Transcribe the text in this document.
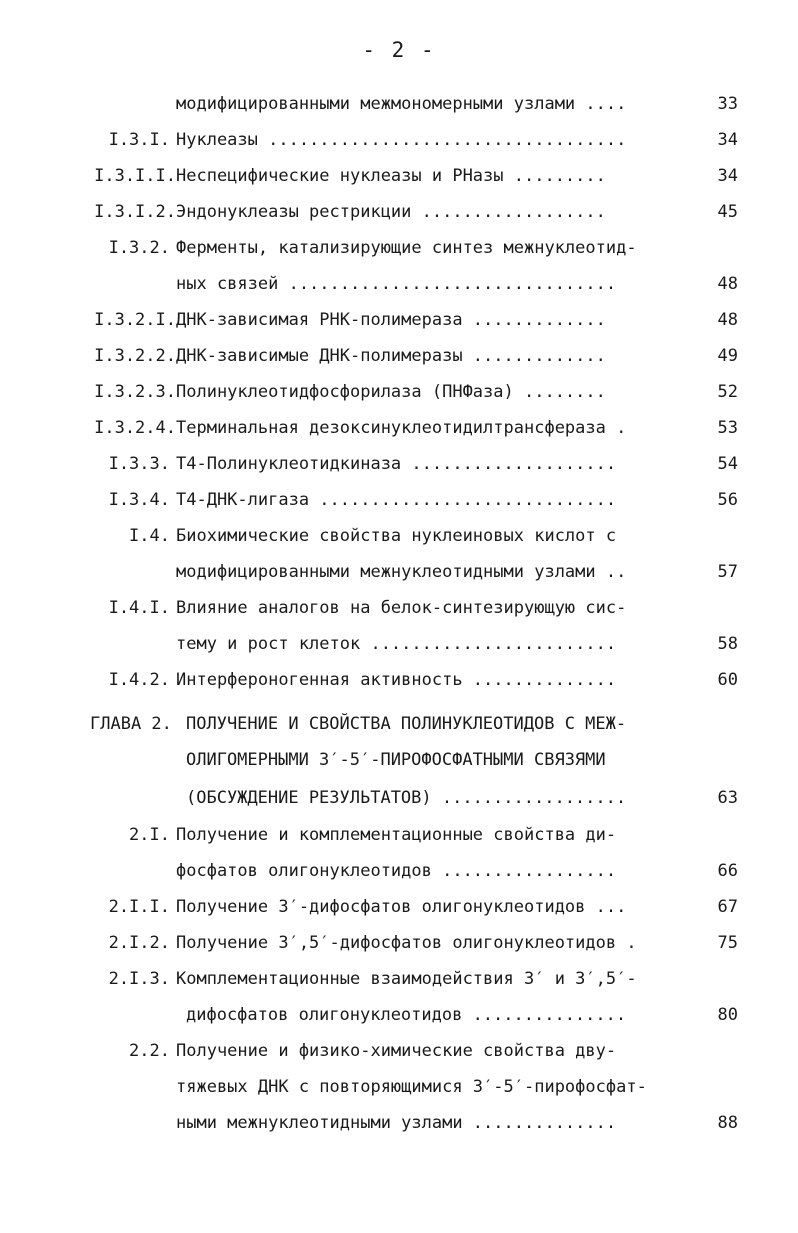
- 2 -
модифицированными межмономерными узлами ....	33
I.3.I. Нуклеазы ...................................	34
I.3.I.I. Неспецифические нуклеазы и РНазы .........	34
I.3.I.2. Эндонуклеазы рестрикции ..................	45
I.3.2. Ферменты, катализирующие синтез межнуклеотид-
ных связей ................................	48
I.3.2.I. ДНК-зависимая РНК-полимераза .............	48
I.3.2.2. ДНК-зависимые ДНК-полимеразы .............	49
I.3.2.3. Полинуклеотидфосфорилаза (ПНФаза) ........	52
I.3.2.4. Терминальная дезоксинуклеотидилтрансфераза .	53
I.3.3. Т4-Полинуклеотидкиназа ....................	54
I.3.4. Т4-ДНК-лигаза .............................	56
I.4. Биохимические свойства нуклеиновых кислот с
модифицированными межнуклеотидными узлами ..	57
I.4.I. Влияние аналогов на белок-синтезирующую сис-
тему и рост клеток ........................	58
I.4.2. Интерфероногенная активность ..............	60
ГЛАВА 2. ПОЛУЧЕНИЕ И СВОЙСТВА ПОЛИНУКЛЕОТИДОВ С МЕЖ-
ОЛИГОМЕРНЫМИ 3′-5′-ПИРОФОСФАТНЫМИ СВЯЗЯМИ
(ОБСУЖДЕНИЕ РЕЗУЛЬТАТОВ) ..................	63
2.I. Получение и комплементационные свойства ди-
фосфатов олигонуклеотидов .................	66
2.I.I. Получение 3′-дифосфатов олигонуклеотидов ...	67
2.I.2. Получение 3′,5′-дифосфатов олигонуклеотидов .	75
2.I.3. Комплементационные взаимодействия 3′ и 3′,5′-
дифосфатов олигонуклеотидов ...............	80
2.2. Получение и физико-химические свойства дву-
тяжевых ДНК с повторяющимися 3′-5′-пирофосфат-
ными межнуклеотидными узлами ..............	88
